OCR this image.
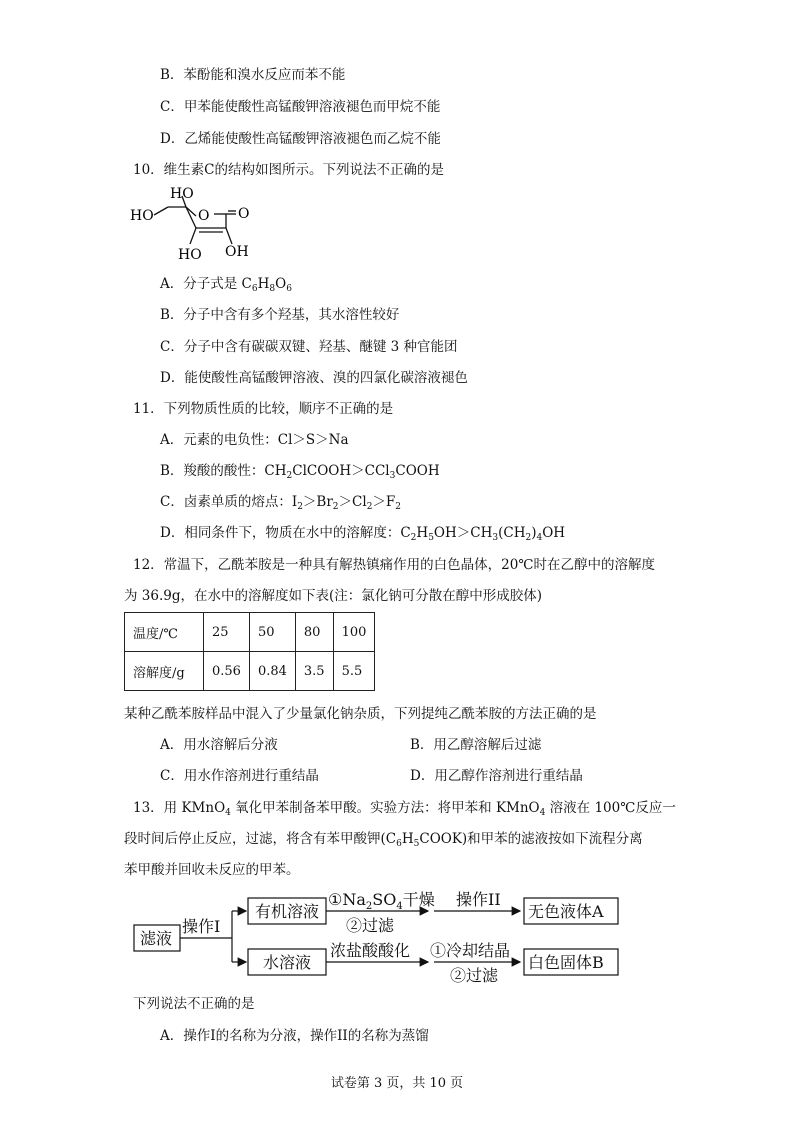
B．苯酚能和溴水反应而苯不能
C．甲苯能使酸性高锰酸钾溶液褪色而甲烷不能
D．乙烯能使酸性高锰酸钾溶液褪色而乙烷不能
10．维生素C的结构如图所示。下列说法不正确的是
HO
HO	O O
HO OH
A．分子式是 $C_6H_8O_6$
B．分子中含有多个羟基，其水溶性较好
C．分子中含有碳碳双键、羟基、醚键 3 种官能团
D．能使酸性高锰酸钾溶液、溴的四氯化碳溶液褪色
11．下列物质性质的比较，顺序不正确的是
A．元素的电负性：Cl＞S＞Na
B．羧酸的酸性：$CH_2ClCOOH>CCl_3COOH$
C．卤素单质的熔点：$I_2>Br_2>Cl_2>F_2$
D．相同条件下，物质在水中的溶解度：$C_2H_5OH>CH_3(CH_2)_4OH$
12．常温下，乙酰苯胺是一种具有解热镇痛作用的白色晶体，20℃时在乙醇中的溶解度
为 36.9g，在水中的溶解度如下表(注：氯化钠可分散在醇中形成胶体)
温度/℃	25	50	80	100
溶解度/g	0.56	0.84	3.5	5.5
某种乙酰苯胺样品中混入了少量氯化钠杂质，下列提纯乙酰苯胺的方法正确的是
A．用水溶解后分液	B．用乙醇溶解后过滤
C．用水作溶剂进行重结晶	D．用乙醇作溶剂进行重结晶
13．用 KMnO$_4$ 氧化甲苯制备苯甲酸。实验方法：将甲苯和 KMnO$_4$ 溶液在 100℃反应一
段时间后停止反应，过滤，将含有苯甲酸钾$(C_6H_5COOK)$和甲苯的滤液按如下流程分离
苯甲酸并回收未反应的甲苯。
滤液
操作I
有机溶液
水溶液
$①Na_2SO_4$干燥
②过滤
操作II
无色液体A
浓盐酸酸化 ①冷却结晶
②过滤
白色固体B
下列说法不正确的是
A．操作I的名称为分液，操作II的名称为蒸馏
试卷第 3 页，共 10 页
